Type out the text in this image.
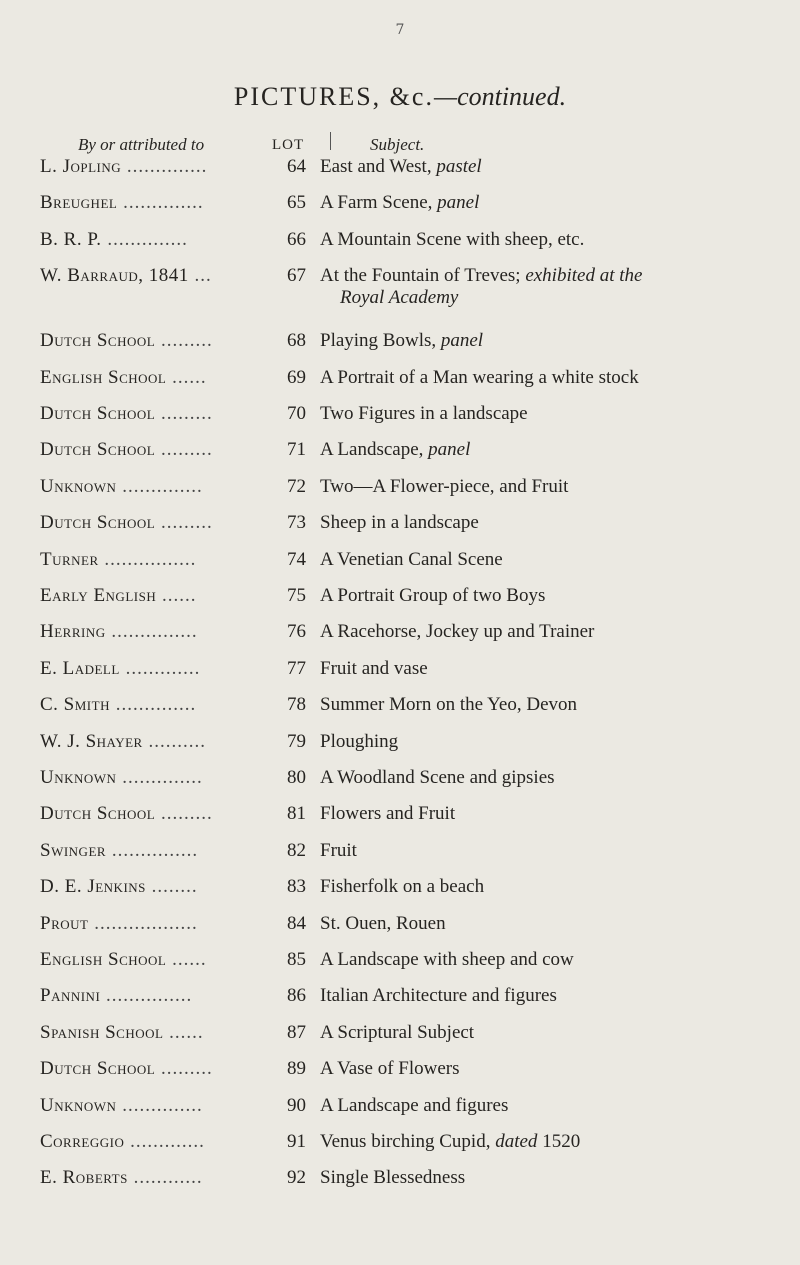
7
PICTURES, &c.—continued.
By or attributed to	LOT	Subject.
L. Jopling ..............	64 East and West, pastel
Breughel ..............	65 A Farm Scene, panel
B. R. P. ..............	66 A Mountain Scene with sheep, etc.
W. Barraud, 1841 ...	67 At the Fountain of Treves; exhibited at the
Royal Academy
Dutch School .........	68 Playing Bowls, panel
English School ......	69 A Portrait of a Man wearing a white stock
Dutch School .........	70 Two Figures in a landscape
Dutch School .........	71 A Landscape, panel
Unknown ..............	72 Two—A Flower-piece, and Fruit
Dutch School .........	73 Sheep in a landscape
Turner ................	74 A Venetian Canal Scene
Early English ......	75 A Portrait Group of two Boys
Herring ...............	76 A Racehorse, Jockey up and Trainer
E. Ladell .............	77 Fruit and vase
C. Smith ..............	78 Summer Morn on the Yeo, Devon
W. J. Shayer ..........	79 Ploughing
Unknown ..............	80 A Woodland Scene and gipsies
Dutch School .........	81 Flowers and Fruit
Swinger ...............	82 Fruit
D. E. Jenkins ........	83 Fisherfolk on a beach
Prout ..................	84 St. Ouen, Rouen
English School ......	85 A Landscape with sheep and cow
Pannini ...............	86 Italian Architecture and figures
Spanish School ......	87 A Scriptural Subject
Dutch School .........	89 A Vase of Flowers
Unknown ..............	90 A Landscape and figures
Correggio .............	91 Venus birching Cupid, dated 1520
E. Roberts ............	92 Single Blessedness
